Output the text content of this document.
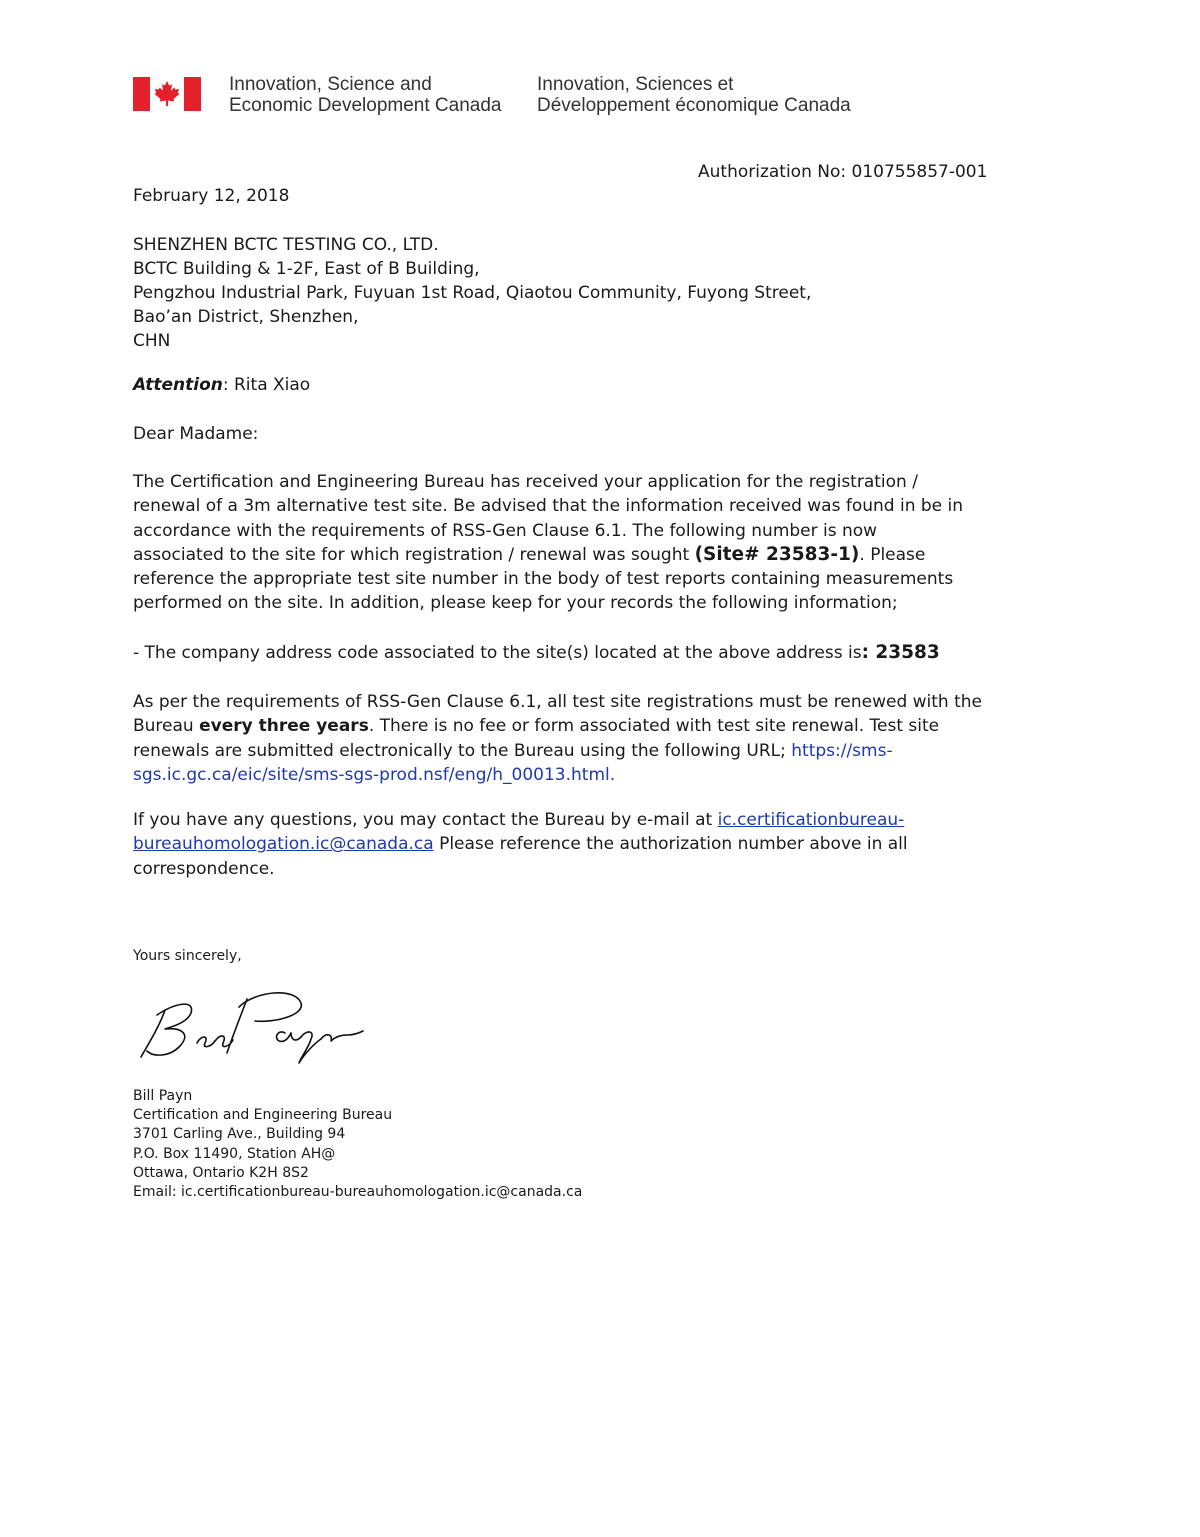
Innovation, Science and
Economic Development Canada
Innovation, Sciences et
Développement économique Canada
Authorization No: 010755857-001
February 12, 2018
SHENZHEN BCTC TESTING CO., LTD.
BCTC Building & 1-2F, East of B Building,
Pengzhou Industrial Park, Fuyuan 1st Road, Qiaotou Community, Fuyong Street,
Bao’an District, Shenzhen,
CHN
Attention: Rita Xiao
Dear Madame:
The Certification and Engineering Bureau has received your application for the registration /
renewal of a 3m alternative test site. Be advised that the information received was found in be in
accordance with the requirements of RSS-Gen Clause 6.1. The following number is now
associated to the site for which registration / renewal was sought (Site# 23583-1). Please
reference the appropriate test site number in the body of test reports containing measurements
performed on the site. In addition, please keep for your records the following information;
- The company address code associated to the site(s) located at the above address is: 23583
As per the requirements of RSS-Gen Clause 6.1, all test site registrations must be renewed with the
Bureau every three years. There is no fee or form associated with test site renewal. Test site
renewals are submitted electronically to the Bureau using the following URL; https://sms-
sgs.ic.gc.ca/eic/site/sms-sgs-prod.nsf/eng/h_00013.html.
If you have any questions, you may contact the Bureau by e-mail at ic.certificationbureau-
bureauhomologation.ic@canada.ca Please reference the authorization number above in all
correspondence.
Yours sincerely,
Bill Payn
Certification and Engineering Bureau
3701 Carling Ave., Building 94
P.O. Box 11490, Station AH@
Ottawa, Ontario K2H 8S2
Email: ic.certificationbureau-bureauhomologation.ic@canada.ca
